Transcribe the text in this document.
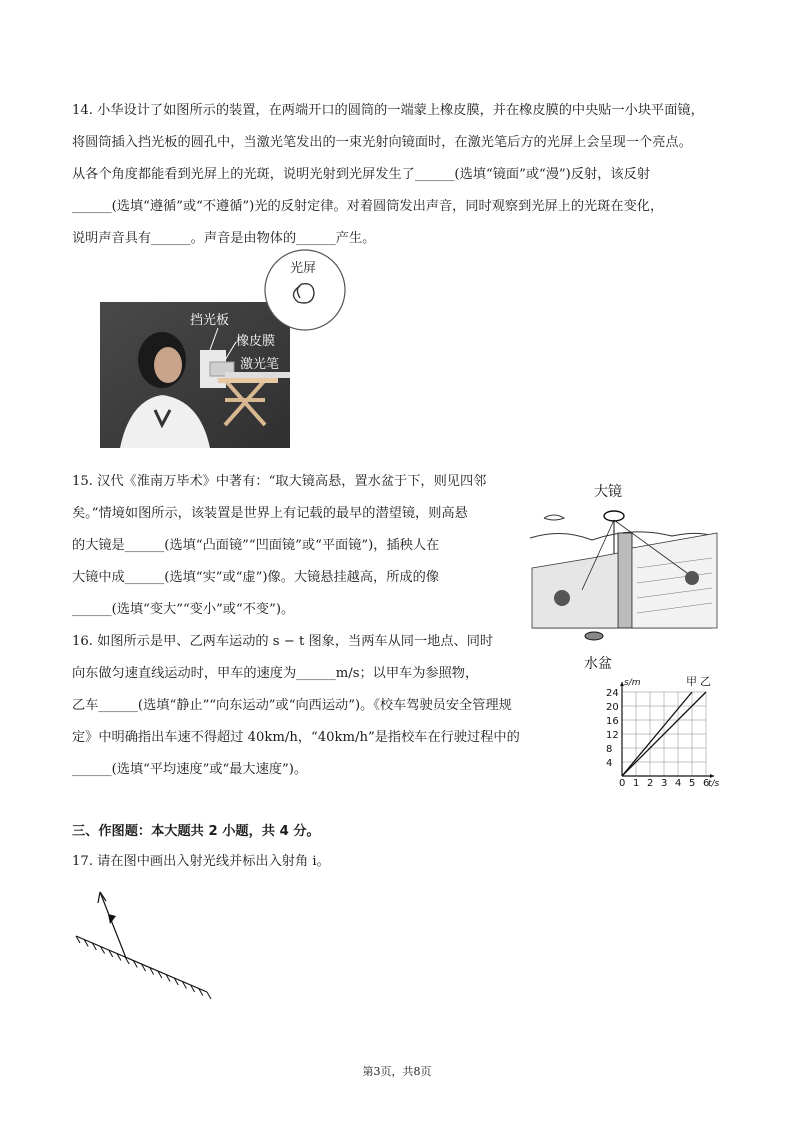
14. 小华设计了如图所示的装置，在两端开口的圆筒的一端蒙上橡皮膜，并在橡皮膜的中央贴一小块平面镜，
将圆筒插入挡光板的圆孔中，当激光笔发出的一束光射向镜面时，在激光笔后方的光屏上会呈现一个亮点。
从各个角度都能看到光屏上的光斑，说明光射到光屏发生了______(选填“镜面”或“漫”)反射，该反射
______(选填“遵循”或“不遵循”)光的反射定律。对着圆筒发出声音，同时观察到光屏上的光斑在变化，
说明声音具有______。声音是由物体的______产生。
光屏
挡光板
橡皮膜
激光笔
15. 汉代《淮南万毕术》中著有：“取大镜高悬，置水盆于下，则见四邻
矣。”情境如图所示，该装置是世界上有记载的最早的潜望镜，则高悬
的大镜是______(选填“凸面镜”“凹面镜”或“平面镜”)，插秧人在
大镜中成______(选填“实”或“虚”)像。大镜悬挂越高，所成的像
______(选填“变大”“变小”或“不变”)。
大镜
水盆
16. 如图所示是甲、乙两车运动的 s − t 图象，当两车从同一地点、同时
向东做匀速直线运动时，甲车的速度为______m/s；以甲车为参照物，
乙车______(选填“静止”“向东运动”或“向西运动”)。《校车驾驶员安全管理规
定》中明确指出车速不得超过 40km/h，“40km/h”是指校车在行驶过程中的
______(选填“平均速度”或“最大速度”)。
0 1 2 3 4 5 6
4
8
12
16
20
24
s/m
t/s
甲 乙
三、作图题：本大题共 2 小题，共 4 分。
17. 请在图中画出入射光线并标出入射角 i。
第3页，共8页
